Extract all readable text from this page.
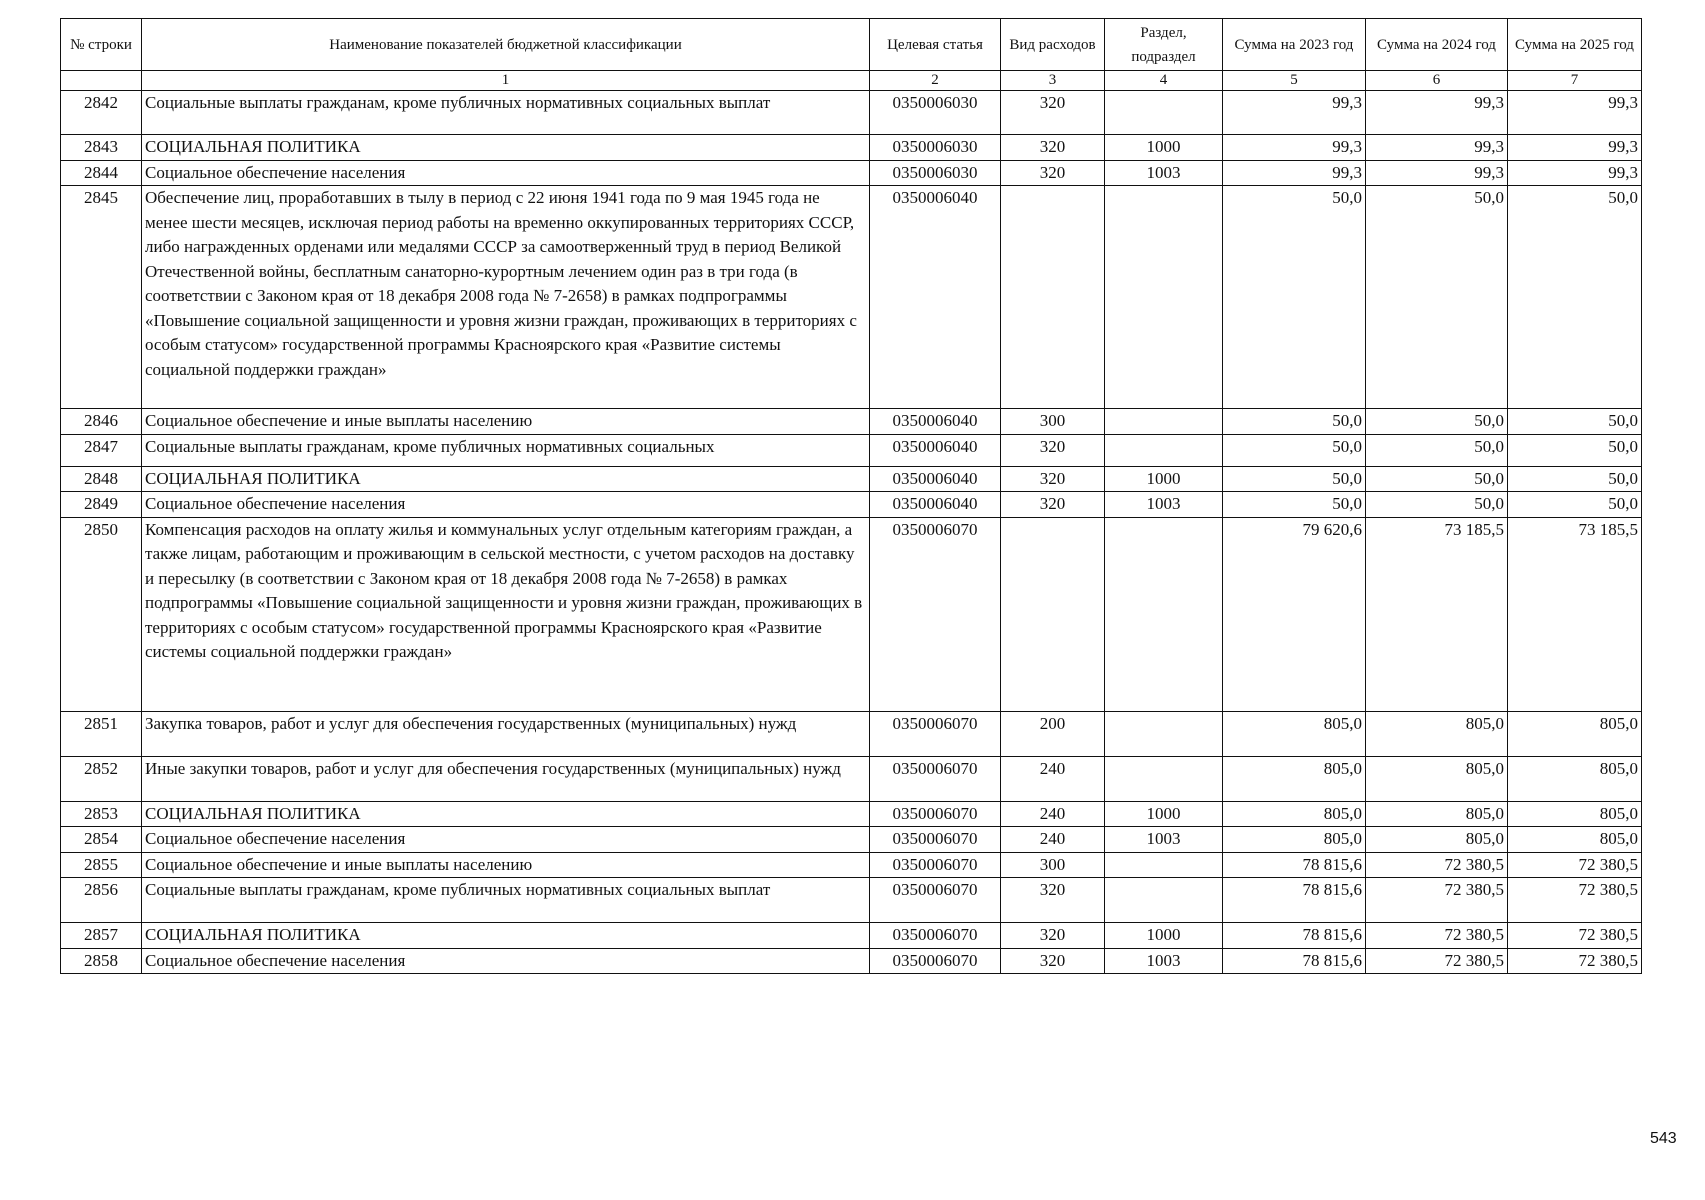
№ строки	Наименование показателей бюджетной классификации	Целевая статья	Вид расходов	Раздел, подраздел	Сумма на 2023 год	Сумма на 2024 год	Сумма на 2025 год
	1	2	3	4	5	6	7
2842	Социальные выплаты гражданам, кроме публичных нормативных социальных выплат	0350006030	320		99,3	99,3	99,3
2843	СОЦИАЛЬНАЯ ПОЛИТИКА	0350006030	320	1000	99,3	99,3	99,3
2844	Социальное обеспечение населения	0350006030	320	1003	99,3	99,3	99,3
2845	Обеспечение лиц, проработавших в тылу в период с 22 июня 1941 года по 9 мая 1945 года не менее шести месяцев, исключая период работы на временно оккупированных территориях СССР, либо награжденных орденами или медалями СССР за самоотверженный труд в период Великой Отечественной войны, бесплатным санаторно-курортным лечением один раз в три года (в соответствии с Законом края от 18 декабря 2008 года № 7-2658) в рамках подпрограммы «Повышение социальной защищенности и уровня жизни граждан, проживающих в территориях с особым статусом» государственной программы Красноярского края «Развитие системы социальной поддержки граждан»	0350006040			50,0	50,0	50,0
2846	Социальное обеспечение и иные выплаты населению	0350006040	300		50,0	50,0	50,0
2847	Социальные выплаты гражданам, кроме публичных нормативных социальных	0350006040	320		50,0	50,0	50,0
2848	СОЦИАЛЬНАЯ ПОЛИТИКА	0350006040	320	1000	50,0	50,0	50,0
2849	Социальное обеспечение населения	0350006040	320	1003	50,0	50,0	50,0
2850	Компенсация расходов на оплату жилья и коммунальных услуг отдельным категориям граждан, а также лицам, работающим и проживающим в сельской местности, с учетом расходов на доставку и пересылку (в соответствии с Законом края от 18 декабря 2008 года № 7-2658) в рамках подпрограммы «Повышение социальной защищенности и уровня жизни граждан, проживающих в территориях с особым статусом» государственной программы Красноярского края «Развитие системы социальной поддержки граждан»	0350006070			79 620,6	73 185,5	73 185,5
2851	Закупка товаров, работ и услуг для обеспечения государственных (муниципальных) нужд	0350006070	200		805,0	805,0	805,0
2852	Иные закупки товаров, работ и услуг для обеспечения государственных (муниципальных) нужд	0350006070	240		805,0	805,0	805,0
2853	СОЦИАЛЬНАЯ ПОЛИТИКА	0350006070	240	1000	805,0	805,0	805,0
2854	Социальное обеспечение населения	0350006070	240	1003	805,0	805,0	805,0
2855	Социальное обеспечение и иные выплаты населению	0350006070	300		78 815,6	72 380,5	72 380,5
2856	Социальные выплаты гражданам, кроме публичных нормативных социальных выплат	0350006070	320		78 815,6	72 380,5	72 380,5
2857	СОЦИАЛЬНАЯ ПОЛИТИКА	0350006070	320	1000	78 815,6	72 380,5	72 380,5
2858	Социальное обеспечение населения	0350006070	320	1003	78 815,6	72 380,5	72 380,5
543
